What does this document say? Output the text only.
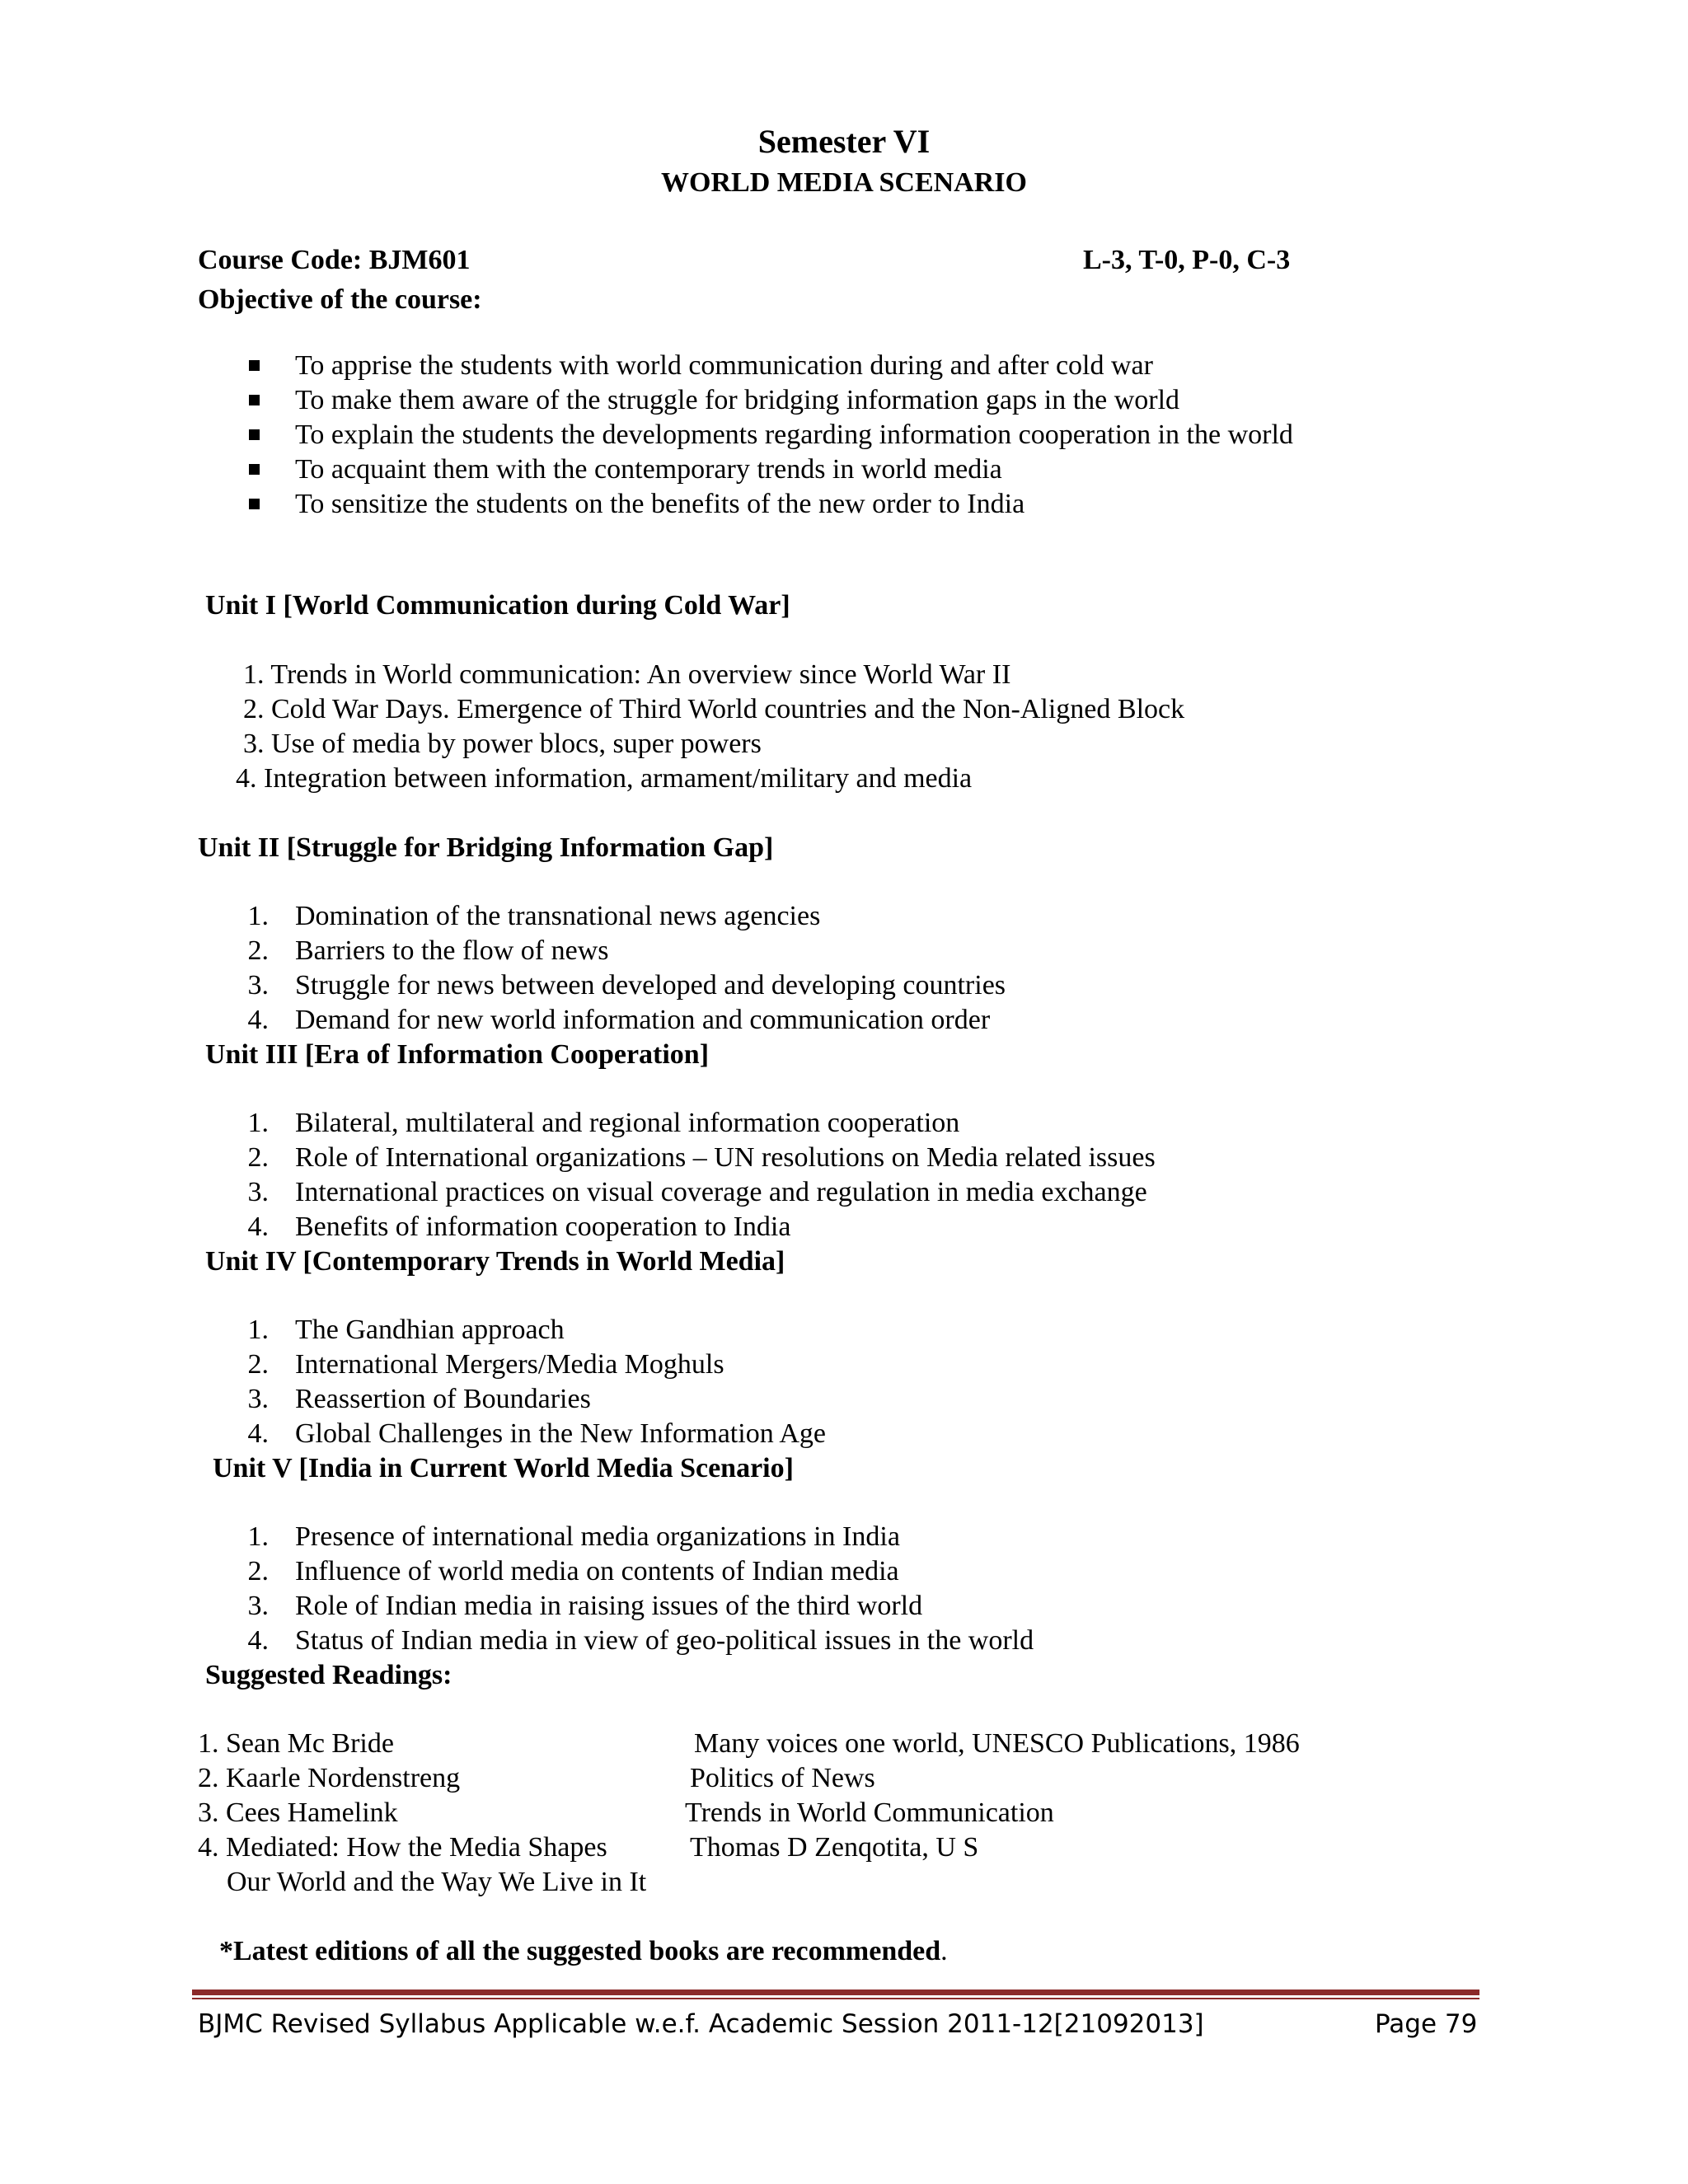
Semester VI
WORLD MEDIA SCENARIO
Course Code: BJM601	L-3, T-0, P-0, C-3
Objective of the course:
To apprise the students with world communication during and after cold war
To make them aware of the struggle for bridging information gaps in the world
To explain the students the developments regarding information cooperation in the world
To acquaint them with the contemporary trends in world media
To sensitize the students on the benefits of the new order to India
Unit I [World Communication during Cold War]
1. Trends in World communication: An overview since World War II
2. Cold War Days. Emergence of Third World countries and the Non-Aligned Block
3. Use of media by power blocs, super powers
4. Integration between information, armament/military and media
Unit II [Struggle for Bridging Information Gap]
1. Domination of the transnational news agencies
2. Barriers to the flow of news
3. Struggle for news between developed and developing countries
4. Demand for new world information and communication order
Unit III [Era of Information Cooperation]
1. Bilateral, multilateral and regional information cooperation
2. Role of International organizations – UN resolutions on Media related issues
3. International practices on visual coverage and regulation in media exchange
4. Benefits of information cooperation to India
Unit IV [Contemporary Trends in World Media]
1. The Gandhian approach
2. International Mergers/Media Moghuls
3. Reassertion of Boundaries
4. Global Challenges in the New Information Age
Unit V [India in Current World Media Scenario]
1. Presence of international media organizations in India
2. Influence of world media on contents of Indian media
3. Role of Indian media in raising issues of the third world
4. Status of Indian media in view of geo-political issues in the world
Suggested Readings:
1. Sean Mc Bride	Many voices one world, UNESCO Publications, 1986
2. Kaarle Nordenstreng	Politics of News
3. Cees Hamelink	Trends in World Communication
4. Mediated: How the Media Shapes	Thomas D Zenqotita, U S
Our World and the Way We Live in It
*Latest editions of all the suggested books are recommended.
BJMC Revised Syllabus Applicable w.e.f. Academic Session 2011-12[21092013]	Page 79
